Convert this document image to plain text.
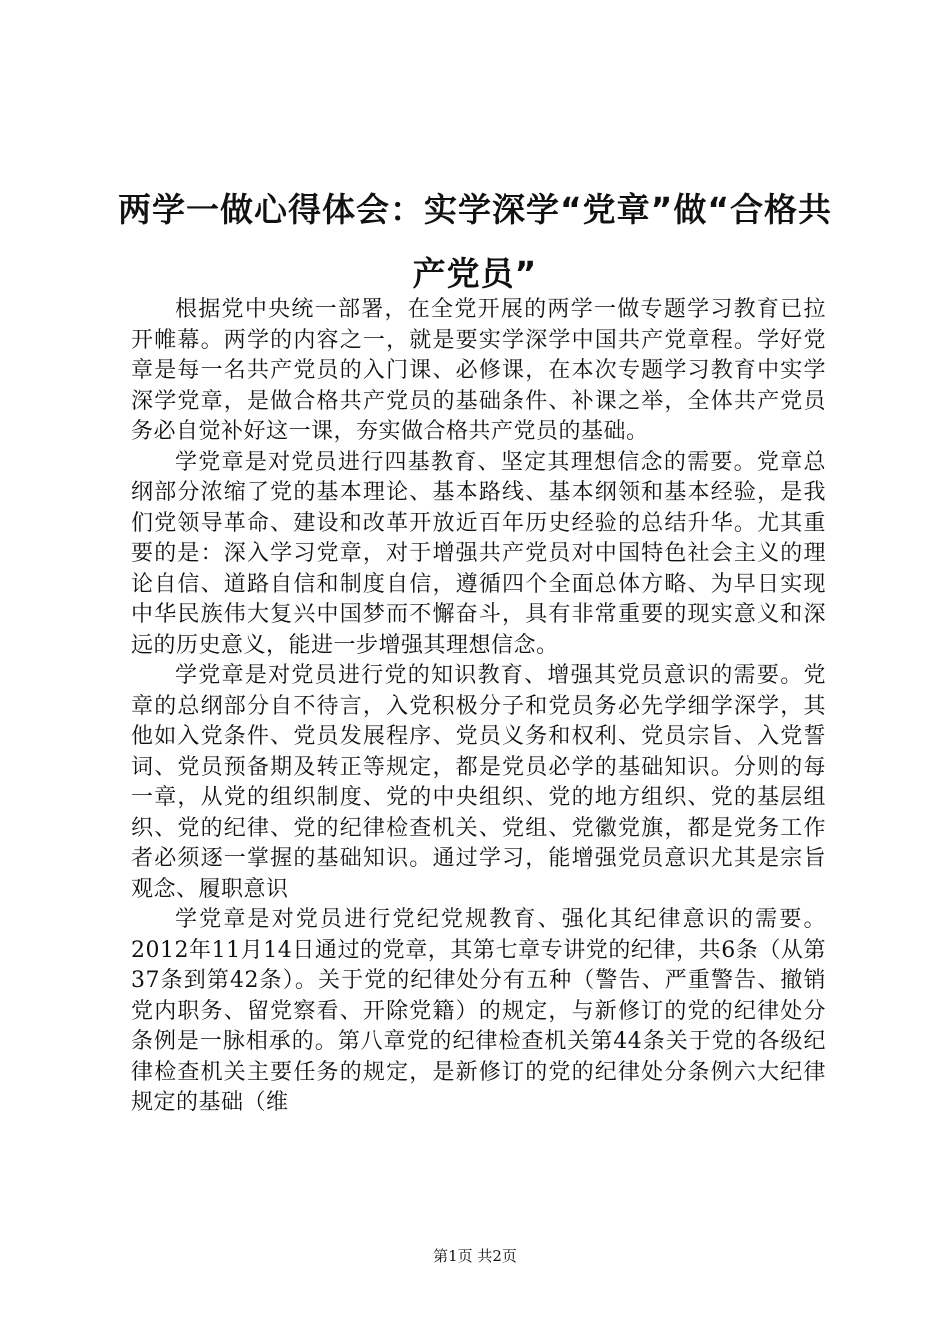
两学一做心得体会：实学深学“党章”做“合格共产党员”

根据党中央统一部署，在全党开展的两学一做专题学习教育已拉开帷幕。两学的内容之一，就是要实学深学中国共产党章程。学好党章是每一名共产党员的入门课、必修课，在本次专题学习教育中实学深学党章，是做合格共产党员的基础条件、补课之举，全体共产党员务必自觉补好这一课，夯实做合格共产党员的基础。

学党章是对党员进行四基教育、坚定其理想信念的需要。党章总纲部分浓缩了党的基本理论、基本路线、基本纲领和基本经验，是我们党领导革命、建设和改革开放近百年历史经验的总结升华。尤其重要的是：深入学习党章，对于增强共产党员对中国特色社会主义的理论自信、道路自信和制度自信，遵循四个全面总体方略、为早日实现中华民族伟大复兴中国梦而不懈奋斗，具有非常重要的现实意义和深远的历史意义，能进一步增强其理想信念。

学党章是对党员进行党的知识教育、增强其党员意识的需要。党章的总纲部分自不待言，入党积极分子和党员务必先学细学深学，其他如入党条件、党员发展程序、党员义务和权利、党员宗旨、入党誓词、党员预备期及转正等规定，都是党员必学的基础知识。分则的每一章，从党的组织制度、党的中央组织、党的地方组织、党的基层组织、党的纪律、党的纪律检查机关、党组、党徽党旗，都是党务工作者必须逐一掌握的基础知识。通过学习，能增强党员意识尤其是宗旨观念、履职意识

学党章是对党员进行党纪党规教育、强化其纪律意识的需要。2012年11月14日通过的党章，其第七章专讲党的纪律，共6条（从第37条到第42条）。关于党的纪律处分有五种（警告、严重警告、撤销党内职务、留党察看、开除党籍）的规定，与新修订的党的纪律处分条例是一脉相承的。第八章党的纪律检查机关第44条关于党的各级纪律检查机关主要任务的规定，是新修订的党的纪律处分条例六大纪律规定的基础（维

第1页 共2页
